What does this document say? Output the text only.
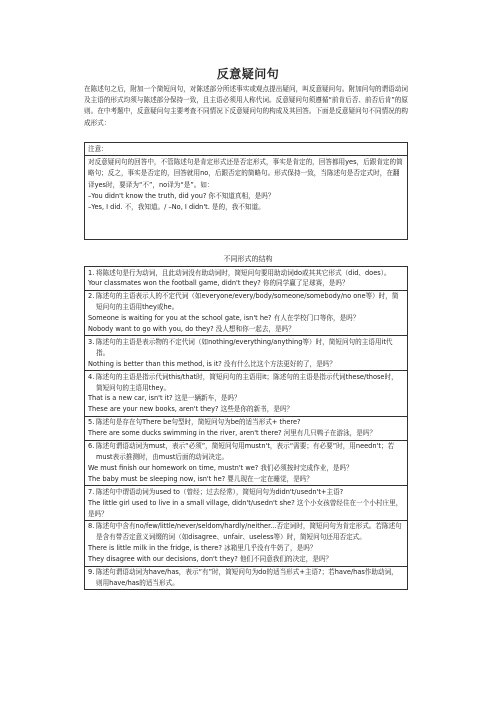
反意疑问句
在陈述句之后，附加一个简短问句，对陈述部分所述事实或观点提出疑问，叫反意疑问句。附加问句的谓语动词及主语的形式均须与陈述部分保持一致，且主语必须用人称代词。反意疑问句须遵循“前肯后否、前否后肯”的原则。在中考题中，反意疑问句主要考查不同情况下反意疑问句的构成及其回答。下面是反意疑问句不同情况的构成形式：
注意：
对反意疑问句的回答中，不管陈述句是肯定形式还是否定形式，事实是肯定的，回答都用yes，后跟肯定的简略句；反之，事实是否定的，回答就用no，后跟否定的简略句。形式保持一致，当陈述句是否定式时，在翻译yes时，要译为“不”，no译为“是”。如：
–You didn't know the truth, did you? 你不知道真相，是吗？
–Yes, I did. 不，我知道。/ –No, I didn't. 是的，我不知道。
不同形式的结构
1. 将陈述句是行为动词，且此动词没有助动词时，简短问句要用助动词do或其其它形式（did、does）。
Your classmates won the football game, didn't they? 你的同学赢了足球赛，是吗？
2. 陈述句的主语表示人的不定代词（如everyone/every/body/someone/somebody/no one等）时，简短问句的主语用they或he。
Someone is waiting for you at the school gate, isn't he? 有人在学校门口等你，是吗？
Nobody want to go with you, do they? 没人想和你一起去，是吗？
3. 陈述句的主语是表示物的不定代词（如nothing/everything/anything等）时，简短问句的主语用it代指。
Nothing is better than this method, is it? 没有什么比这个方法更好的了，是吗？
4. 陈述句的主语是指示代词this/that时，简短问句的主语用it；陈述句的主语是指示代词these/those时，简短问句的主语用they。
That is a new car, isn't it? 这是一辆新车，是吗？
These are your new books, aren't they? 这些是你的新书，是吗？
5. 陈述句是存在句There be句型时，简短问句为be的适当形式+ there?
There are some ducks swimming in the river, aren't there? 河里有几只鸭子在游泳，是吗？
6. 陈述句谓语动词为must，表示“必须”，简短问句用mustn't，表示“需要；有必要”时，用needn't；若must表示推测时，由must后面的动词决定。
We must finish our homework on time, mustn't we? 我们必须按时完成作业，是吗？
The baby must be sleeping now, isn't he? 婴儿现在一定在睡觉，是吗？
7. 陈述句中谓语动词为used to（曾经；过去经常），简短问句为didn't/usedn't+主语?
The little girl used to live in a small village, didn't/usedn't she? 这个小女孩曾经住在一个小村庄里，是吗？
8. 陈述句中含有no/few/little/never/seldom/hardly/neither...否定词时，简短问句为肯定形式。若陈述句是含有带否定意义词缀的词（如disagree、unfair、useless等）时，简短问句还用否定式。
There is little milk in the fridge, is there? 冰箱里几乎没有牛奶了，是吗？
They disagree with our decisions, don't they? 他们不同意我们的决定，是吗？
9. 陈述句谓语动词为have/has，表示“有”时，简短问句为do的适当形式+主语?；若have/has作助动词，则用have/has的适当形式。
